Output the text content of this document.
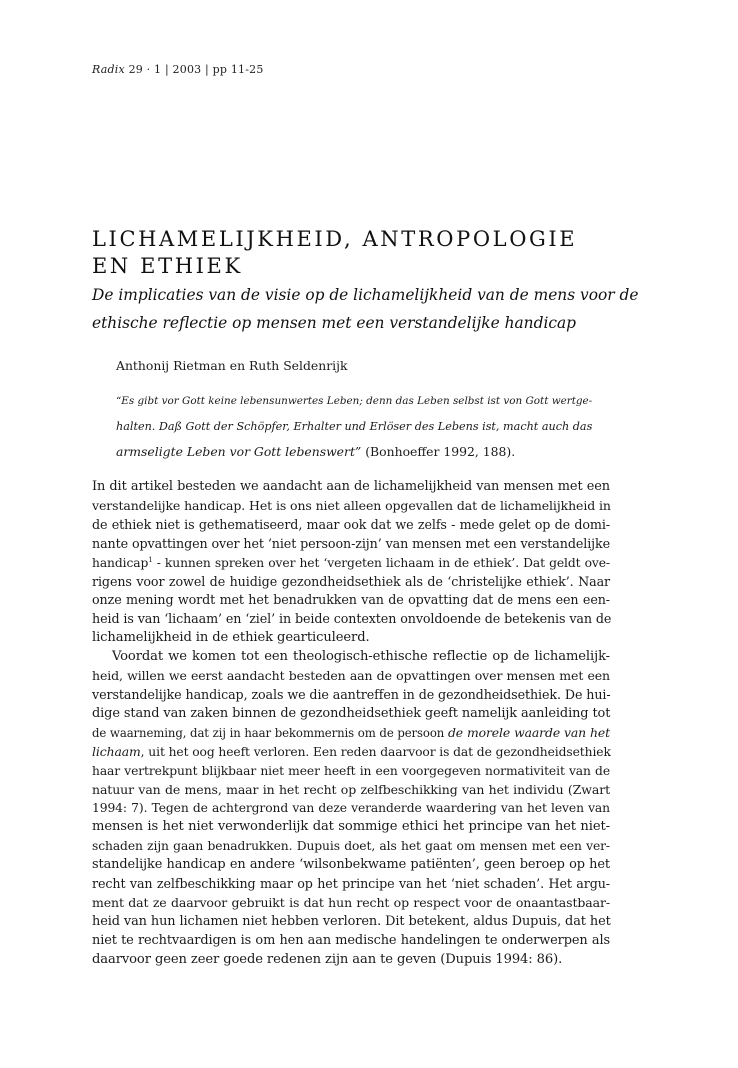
Radix 29 · 1 | 2003 | pp 11-25
LICHAMELIJKHEID, ANTROPOLOGIE
EN ETHIEK
De implicaties van de visie op de lichamelijkheid van de mens voor de
ethische reflectie op mensen met een verstandelijke handicap
Anthonij Rietman en Ruth Seldenrijk
“Es gibt vor Gott keine lebensunwertes Leben; denn das Leben selbst ist von Gott wertge-
halten. Daß Gott der Schöpfer, Erhalter und Erlöser des Lebens ist, macht auch das
armseligte Leben vor Gott lebenswert” (Bonhoeffer 1992, 188).
In dit artikel besteden we aandacht aan de lichamelijkheid van mensen met een
verstandelijke handicap. Het is ons niet alleen opgevallen dat de lichamelijkheid in
de ethiek niet is gethematiseerd, maar ook dat we zelfs - mede gelet op de domi-
nante opvattingen over het ‘niet persoon-zijn’ van mensen met een verstandelijke
handicap$^1$ - kunnen spreken over het ‘vergeten lichaam in de ethiek’. Dat geldt ove-
rigens voor zowel de huidige gezondheidsethiek als de ‘christelijke ethiek’. Naar
onze mening wordt met het benadrukken van de opvatting dat de mens een een-
heid is van ‘lichaam’ en ‘ziel’ in beide contexten onvoldoende de betekenis van de
lichamelijkheid in de ethiek gearticuleerd.
Voordat we komen tot een theologisch-ethische reflectie op de lichamelijk-
heid, willen we eerst aandacht besteden aan de opvattingen over mensen met een
verstandelijke handicap, zoals we die aantreffen in de gezondheidsethiek. De hui-
dige stand van zaken binnen de gezondheidsethiek geeft namelijk aanleiding tot
de waarneming, dat zij in haar bekommernis om de persoon de morele waarde van het
lichaam, uit het oog heeft verloren. Een reden daarvoor is dat de gezondheidsethiek
haar vertrekpunt blijkbaar niet meer heeft in een voorgegeven normativiteit van de
natuur van de mens, maar in het recht op zelfbeschikking van het individu (Zwart
1994: 7). Tegen de achtergrond van deze veranderde waardering van het leven van
mensen is het niet verwonderlijk dat sommige ethici het principe van het niet-
schaden zijn gaan benadrukken. Dupuis doet, als het gaat om mensen met een ver-
standelijke handicap en andere ‘wilsonbekwame patiënten’, geen beroep op het
recht van zelfbeschikking maar op het principe van het ‘niet schaden’. Het argu-
ment dat ze daarvoor gebruikt is dat hun recht op respect voor de onaantastbaar-
heid van hun lichamen niet hebben verloren. Dit betekent, aldus Dupuis, dat het
niet te rechtvaardigen is om hen aan medische handelingen te onderwerpen als
daarvoor geen zeer goede redenen zijn aan te geven (Dupuis 1994: 86).
